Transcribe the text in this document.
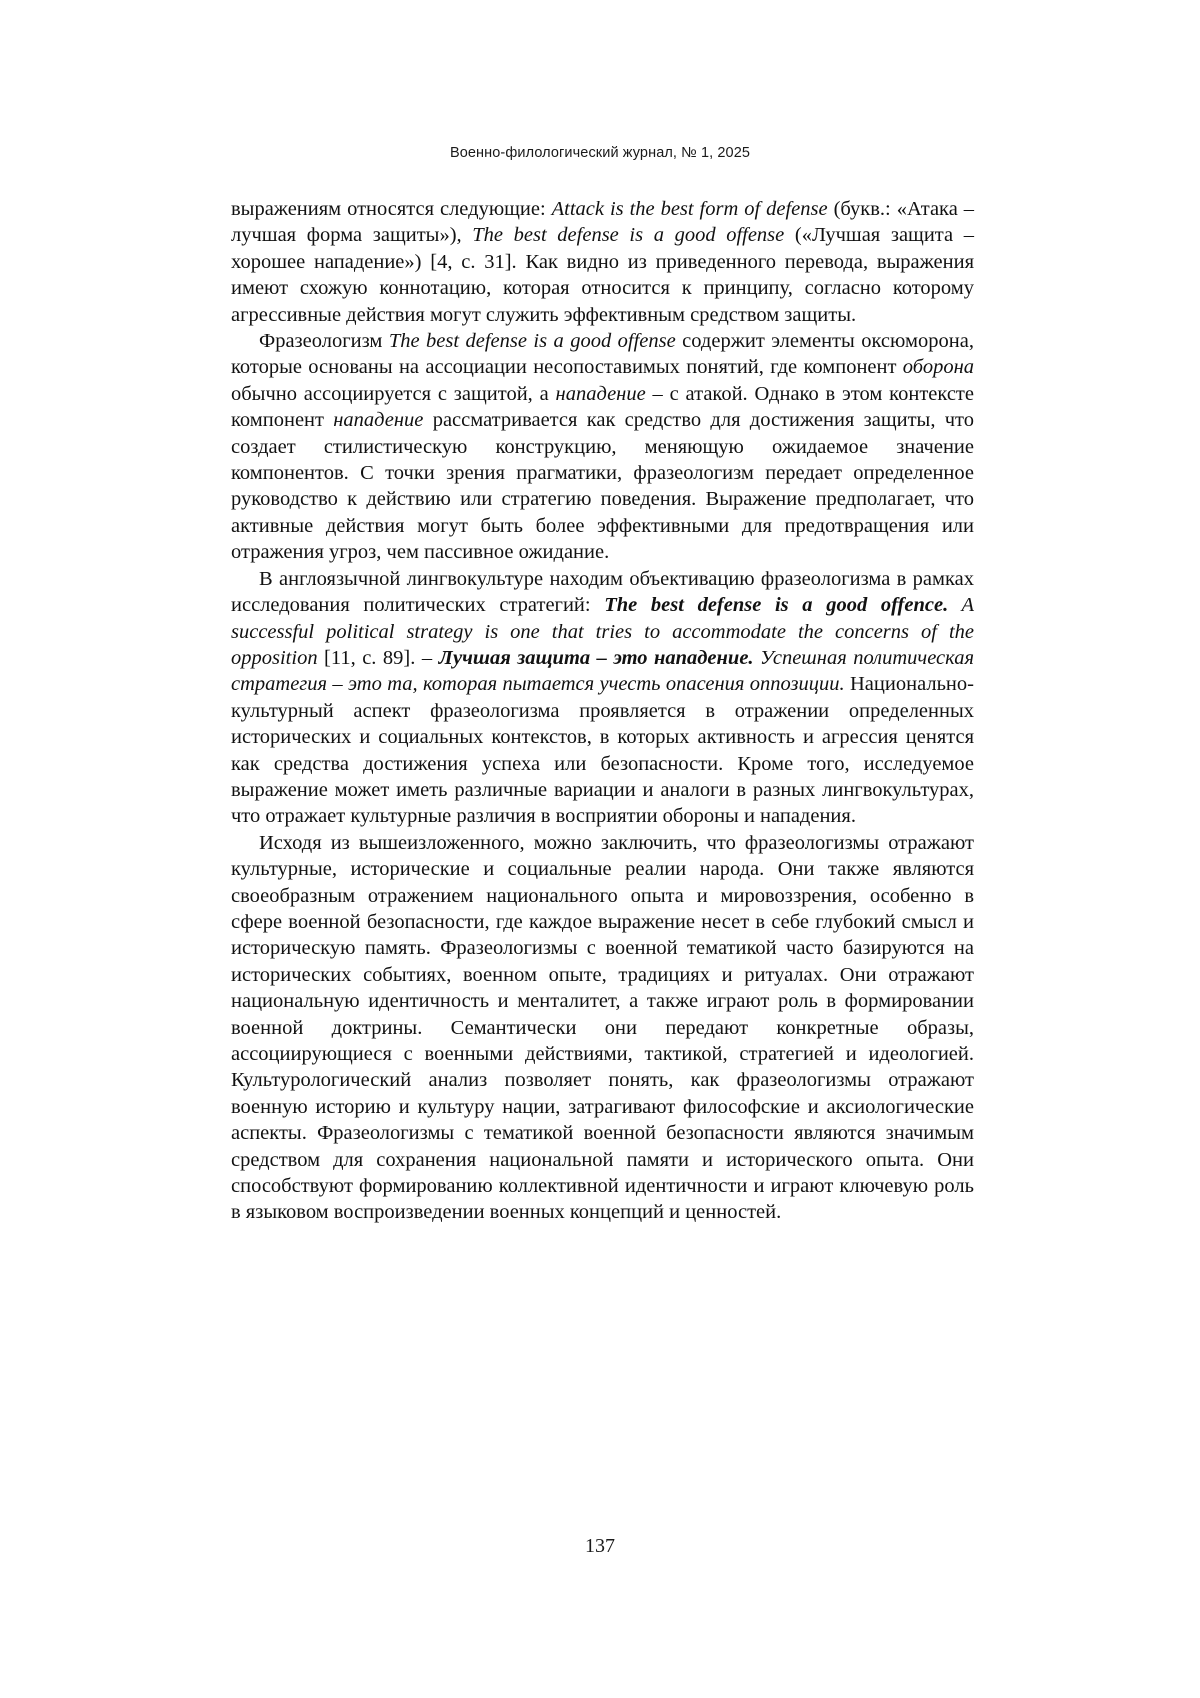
Военно-филологический журнал, № 1, 2025

выражениям относятся следующие: Attack is the best form of defense (букв.: «Атака – лучшая форма защиты»), The best defense is a good offense («Лучшая защита – хорошее нападение») [4, с. 31]. Как видно из приведенного перевода, выражения имеют схожую коннотацию, которая относится к принципу, согласно которому агрессивные действия могут служить эффективным средством защиты.

Фразеологизм The best defense is a good offense содержит элементы оксюморона, которые основаны на ассоциации несопоставимых понятий, где компонент оборона обычно ассоциируется с защитой, а нападение – с атакой. Однако в этом контексте компонент нападение рассматривается как средство для достижения защиты, что создает стилистическую конструкцию, меняющую ожидаемое значение компонентов. С точки зрения прагматики, фразеологизм передает определенное руководство к действию или стратегию поведения. Выражение предполагает, что активные действия могут быть более эффективными для предотвращения или отражения угроз, чем пассивное ожидание.

В англоязычной лингвокультуре находим объективацию фразеологизма в рамках исследования политических стратегий: The best defense is a good offence. A successful political strategy is one that tries to accommodate the concerns of the opposition [11, с. 89]. – Лучшая защита – это нападение. Успешная политическая стратегия – это та, которая пытается учесть опасения оппозиции. Национально-культурный аспект фразеологизма проявляется в отражении определенных исторических и социальных контекстов, в которых активность и агрессия ценятся как средства достижения успеха или безопасности. Кроме того, исследуемое выражение может иметь различные вариации и аналоги в разных лингвокультурах, что отражает культурные различия в восприятии обороны и нападения.

Исходя из вышеизложенного, можно заключить, что фразеологизмы отражают культурные, исторические и социальные реалии народа. Они также являются своеобразным отражением национального опыта и мировоззрения, особенно в сфере военной безопасности, где каждое выражение несет в себе глубокий смысл и историческую память. Фразеологизмы с военной тематикой часто базируются на исторических событиях, военном опыте, традициях и ритуалах. Они отражают национальную идентичность и менталитет, а также играют роль в формировании военной доктрины. Семантически они передают конкретные образы, ассоциирующиеся с военными действиями, тактикой, стратегией и идеологией. Культурологический анализ позволяет понять, как фразеологизмы отражают военную историю и культуру нации, затрагивают философские и аксиологические аспекты. Фразеологизмы с тематикой военной безопасности являются значимым средством для сохранения национальной памяти и исторического опыта. Они способствуют формированию коллективной идентичности и играют ключевую роль в языковом воспроизведении военных концепций и ценностей.

137
